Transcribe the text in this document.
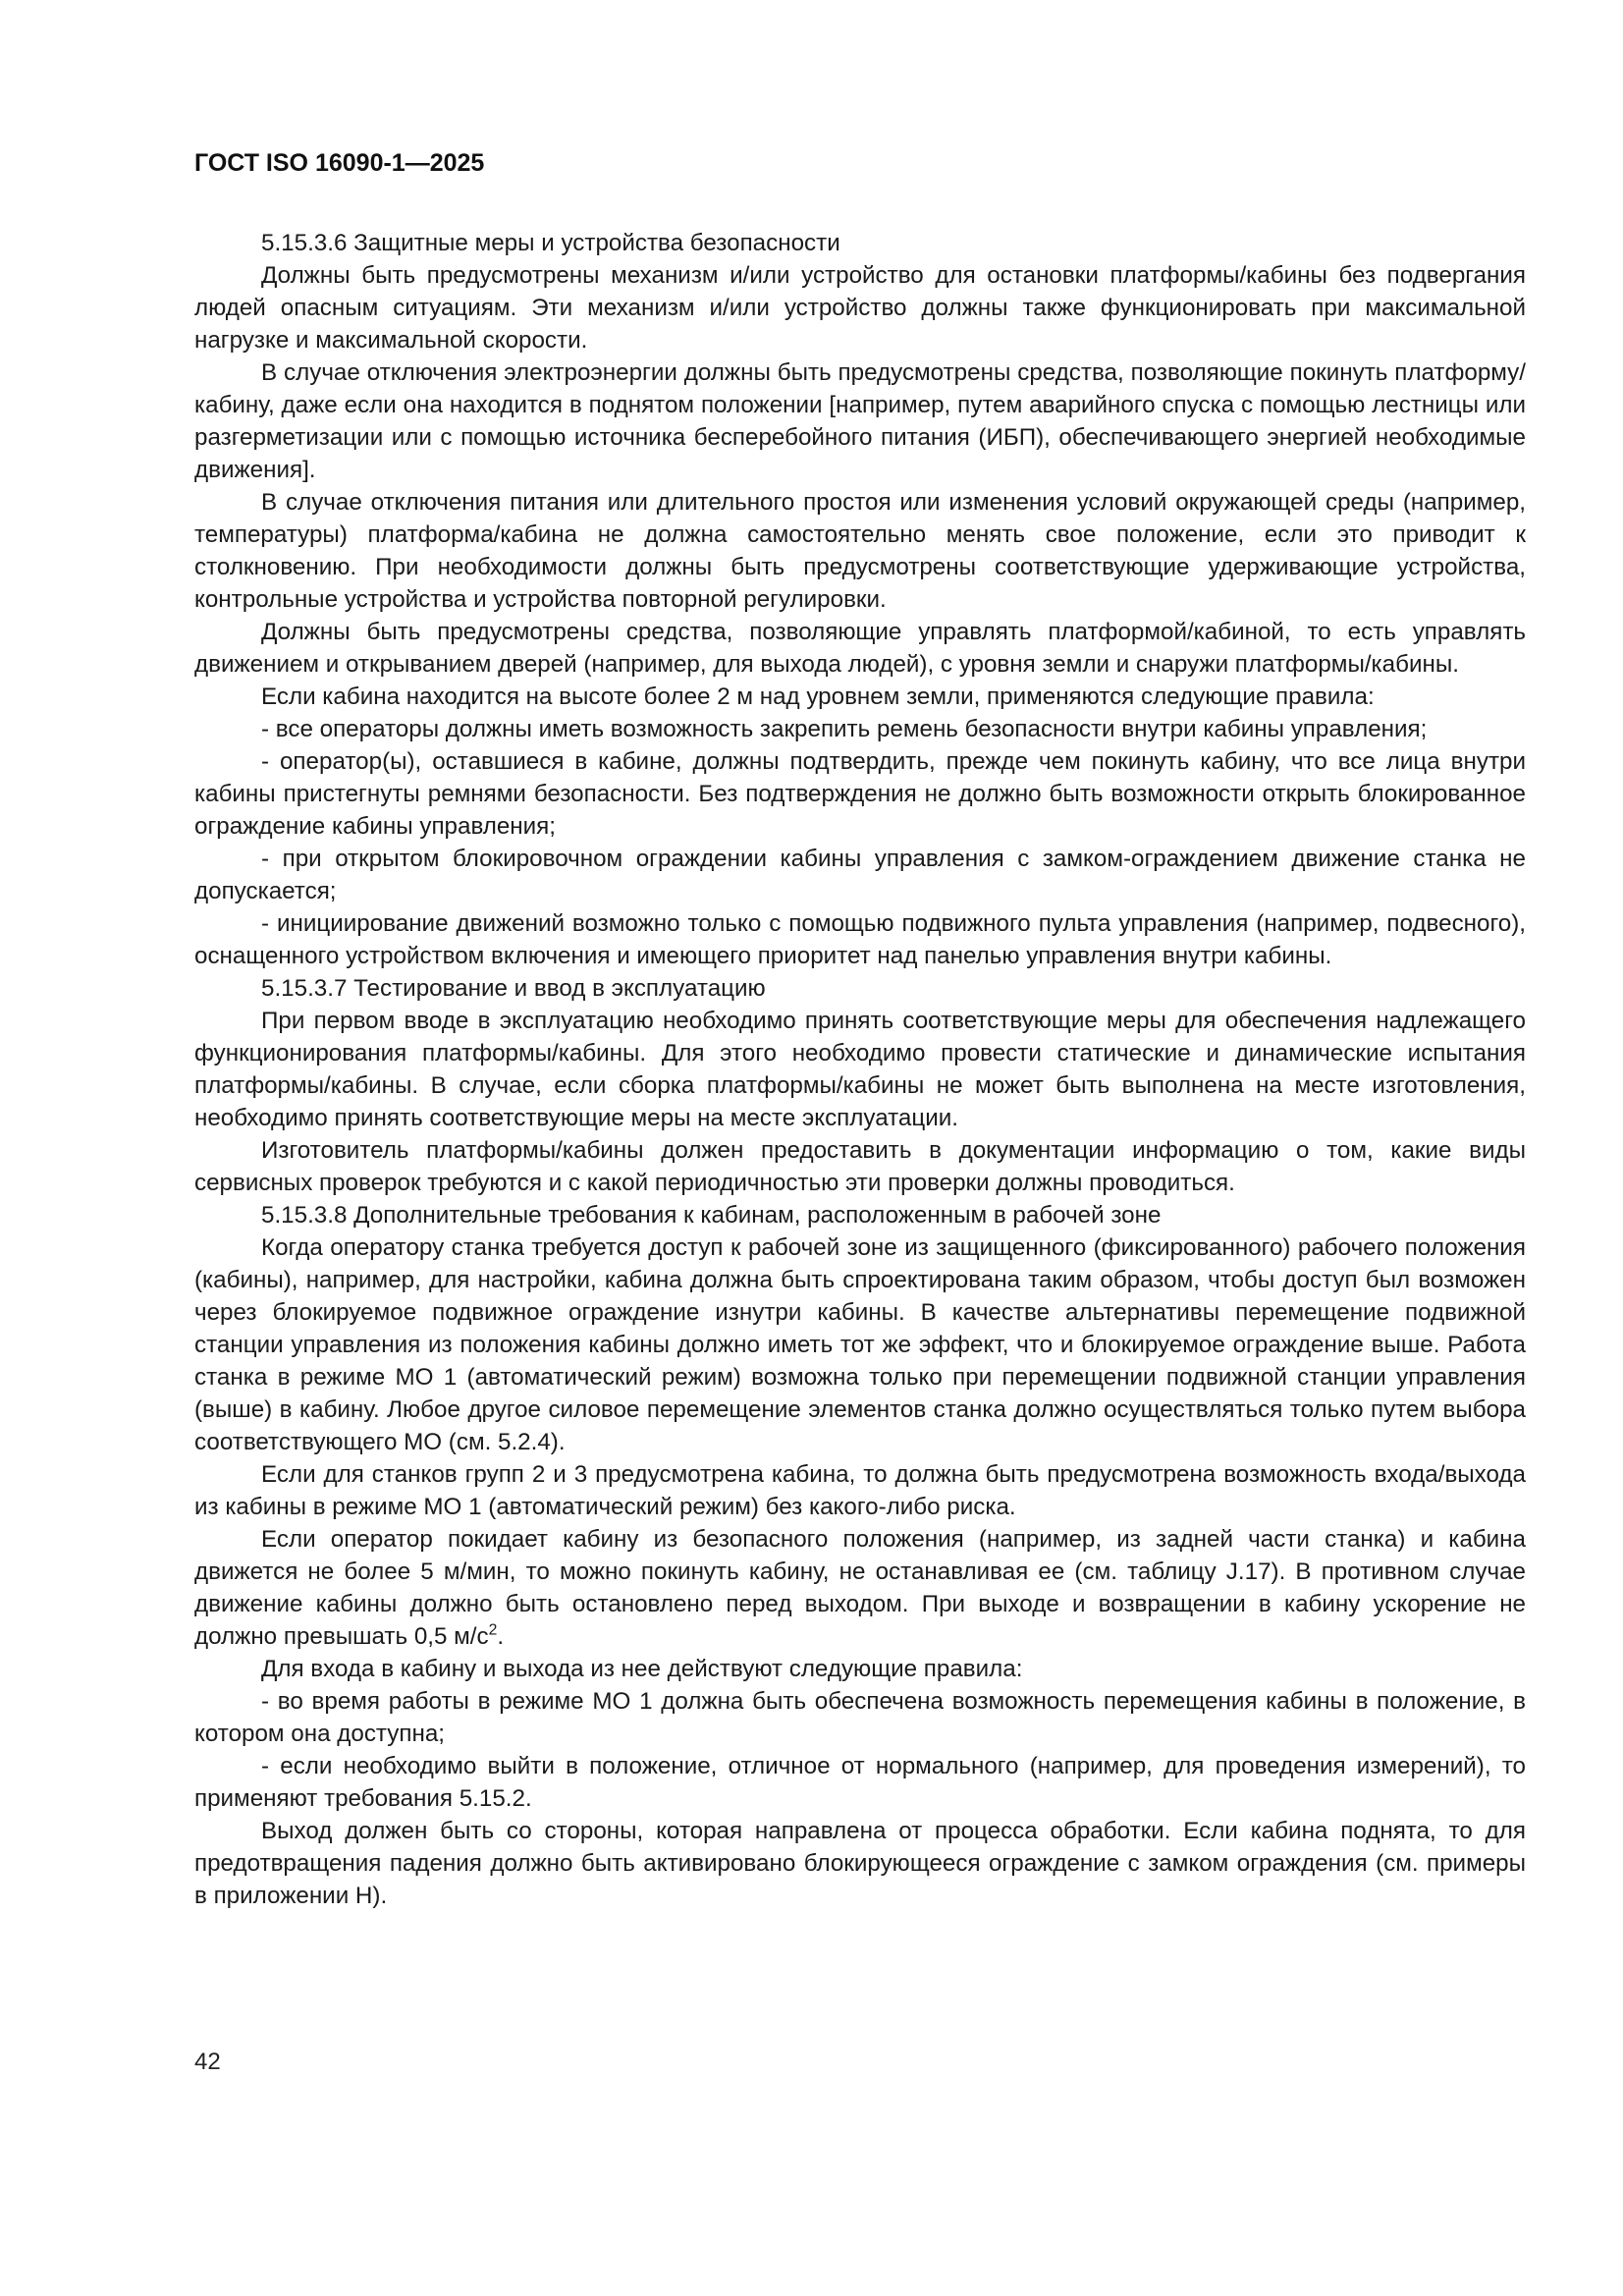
ГОСТ ISO 16090-1—2025

5.15.3.6 Защитные меры и устройства безопасности

Должны быть предусмотрены механизм и/или устройство для остановки платформы/кабины без подвергания людей опасным ситуациям. Эти механизм и/или устройство должны также функционировать при максимальной нагрузке и максимальной скорости.

В случае отключения электроэнергии должны быть предусмотрены средства, позволяющие покинуть платформу/кабину, даже если она находится в поднятом положении [например, путем аварийного спуска с помощью лестницы или разгерметизации или с помощью источника бесперебойного питания (ИБП), обеспечивающего энергией необходимые движения].

В случае отключения питания или длительного простоя или изменения условий окружающей среды (например, температуры) платформа/кабина не должна самостоятельно менять свое положение, если это приводит к столкновению. При необходимости должны быть предусмотрены соответствующие удерживающие устройства, контрольные устройства и устройства повторной регулировки.

Должны быть предусмотрены средства, позволяющие управлять платформой/кабиной, то есть управлять движением и открыванием дверей (например, для выхода людей), с уровня земли и снаружи платформы/кабины.

Если кабина находится на высоте более 2 м над уровнем земли, применяются следующие правила:

- все операторы должны иметь возможность закрепить ремень безопасности внутри кабины управления;

- оператор(ы), оставшиеся в кабине, должны подтвердить, прежде чем покинуть кабину, что все лица внутри кабины пристегнуты ремнями безопасности. Без подтверждения не должно быть возможности открыть блокированное ограждение кабины управления;

- при открытом блокировочном ограждении кабины управления с замком-ограждением движение станка не допускается;

- инициирование движений возможно только с помощью подвижного пульта управления (например, подвесного), оснащенного устройством включения и имеющего приоритет над панелью управления внутри кабины.

5.15.3.7 Тестирование и ввод в эксплуатацию

При первом вводе в эксплуатацию необходимо принять соответствующие меры для обеспечения надлежащего функционирования платформы/кабины. Для этого необходимо провести статические и динамические испытания платформы/кабины. В случае, если сборка платформы/кабины не может быть выполнена на месте изготовления, необходимо принять соответствующие меры на месте эксплуатации.

Изготовитель платформы/кабины должен предоставить в документации информацию о том, какие виды сервисных проверок требуются и с какой периодичностью эти проверки должны проводиться.

5.15.3.8 Дополнительные требования к кабинам, расположенным в рабочей зоне

Когда оператору станка требуется доступ к рабочей зоне из защищенного (фиксированного) рабочего положения (кабины), например, для настройки, кабина должна быть спроектирована таким образом, чтобы доступ был возможен через блокируемое подвижное ограждение изнутри кабины. В качестве альтернативы перемещение подвижной станции управления из положения кабины должно иметь тот же эффект, что и блокируемое ограждение выше. Работа станка в режиме МО 1 (автоматический режим) возможна только при перемещении подвижной станции управления (выше) в кабину. Любое другое силовое перемещение элементов станка должно осуществляться только путем выбора соответствующего МО (см. 5.2.4).

Если для станков групп 2 и 3 предусмотрена кабина, то должна быть предусмотрена возможность входа/выхода из кабины в режиме МО 1 (автоматический режим) без какого-либо риска.

Если оператор покидает кабину из безопасного положения (например, из задней части станка) и кабина движется не более 5 м/мин, то можно покинуть кабину, не останавливая ее (см. таблицу J.17). В противном случае движение кабины должно быть остановлено перед выходом. При выходе и возвращении в кабину ускорение не должно превышать 0,5 $м/с^2$.

Для входа в кабину и выхода из нее действуют следующие правила:

- во время работы в режиме МО 1 должна быть обеспечена возможность перемещения кабины в положение, в котором она доступна;

- если необходимо выйти в положение, отличное от нормального (например, для проведения измерений), то применяют требования 5.15.2.

Выход должен быть со стороны, которая направлена от процесса обработки. Если кабина поднята, то для предотвращения падения должно быть активировано блокирующееся ограждение с замком ограждения (см. примеры в приложении Н).

42
